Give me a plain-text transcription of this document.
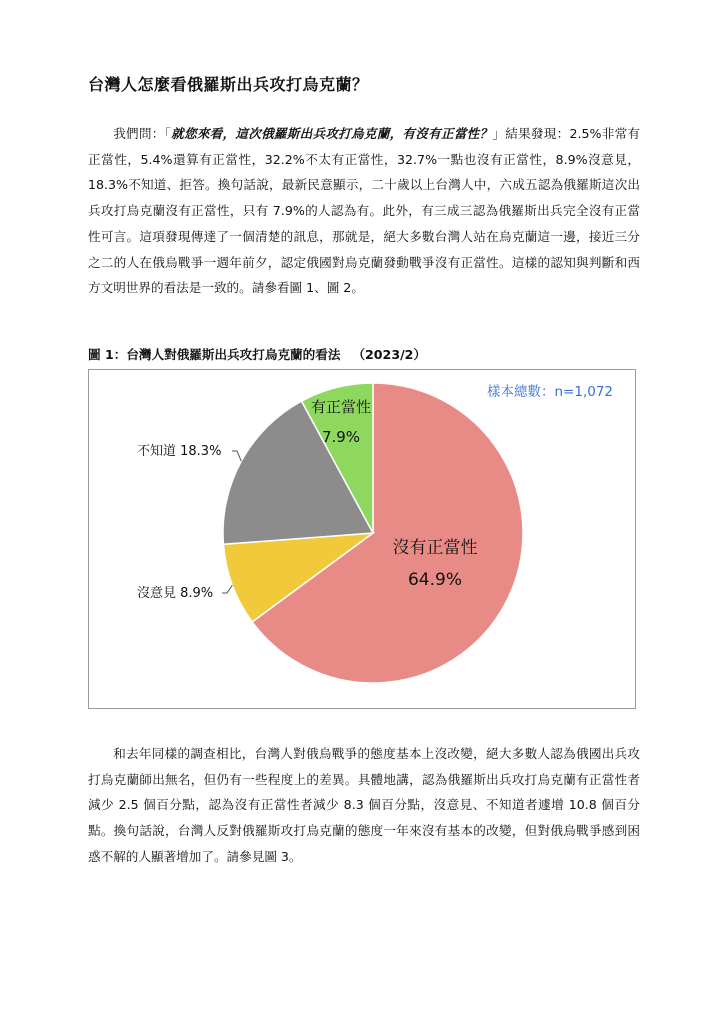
台灣人怎麼看俄羅斯出兵攻打烏克蘭？

我們問：「就您來看，這次俄羅斯出兵攻打烏克蘭，有沒有正當性？」結果發現：2.5%非常有正當性，5.4%還算有正當性，32.2%不太有正當性，32.7%一點也沒有正當性，8.9%沒意見，18.3%不知道、拒答。換句話說，最新民意顯示，二十歲以上台灣人中，六成五認為俄羅斯這次出兵攻打烏克蘭沒有正當性，只有 7.9%的人認為有。此外，有三成三認為俄羅斯出兵完全沒有正當性可言。這項發現傳達了一個清楚的訊息，那就是，絕大多數台灣人站在烏克蘭這一邊，接近三分之二的人在俄烏戰爭一週年前夕，認定俄國對烏克蘭發動戰爭沒有正當性。這樣的認知與判斷和西方文明世界的看法是一致的。請參看圖 1、圖 2。

圖 1：台灣人對俄羅斯出兵攻打烏克蘭的看法 （2023/2）
沒有正當性
64.9%
有正當性
7.9%
沒意見 8.9%
不知道 18.3%
樣本總數：n=1,072

和去年同樣的調查相比，台灣人對俄烏戰爭的態度基本上沒改變，絕大多數人認為俄國出兵攻打烏克蘭師出無名，但仍有一些程度上的差異。具體地講，認為俄羅斯出兵攻打烏克蘭有正當性者減少 2.5 個百分點，認為沒有正當性者減少 8.3 個百分點，沒意見、不知道者遽增 10.8 個百分點。換句話說，台灣人反對俄羅斯攻打烏克蘭的態度一年來沒有基本的改變，但對俄烏戰爭感到困惑不解的人顯著增加了。請參見圖 3。
